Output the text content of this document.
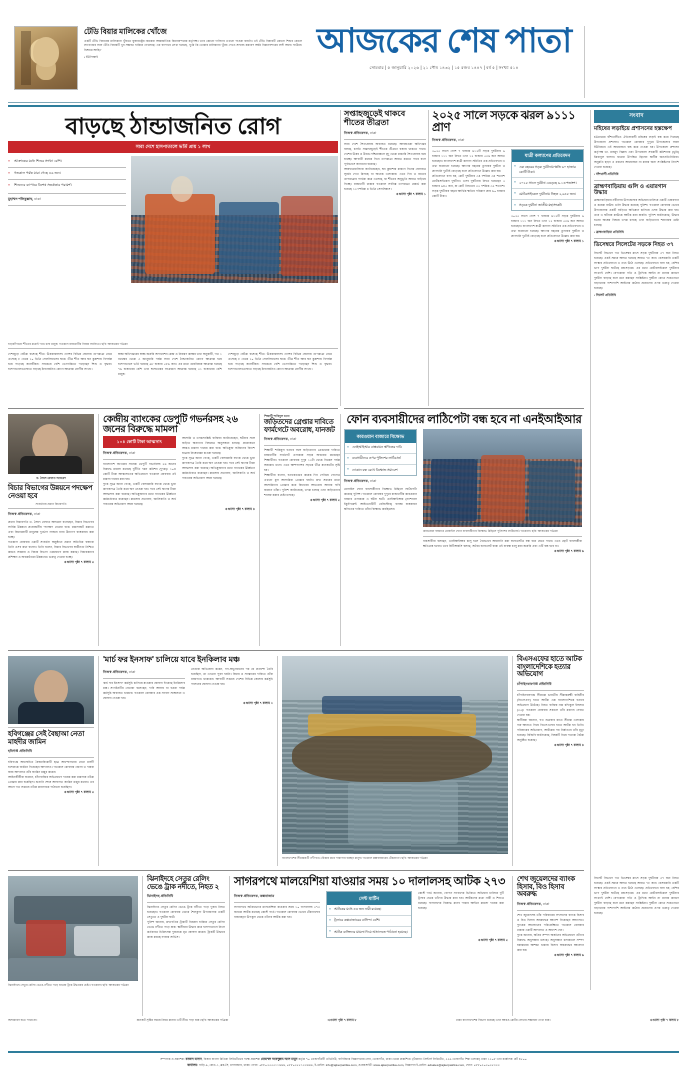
টেডি বিয়ার মালিকের খোঁজে
একটি টেডি বিয়ারের মালিকানা খুঁজতে যুক্তরাষ্ট্রের নামকরা আন্তর্জাতিক বিমানবন্দরের কর্তৃপক্ষ। তবে কোনো দাবিদার এখনো পাওয়া যায়নি। এই টেডি বিয়ারটি কোনো শিশুর কোলে লাগেজের সঙ্গে টেডি বিয়ারটি খুব সম্ভবত হারিয়ে ফেলেছে। এর ব্যাপারে লেখা হয়েছে, 'তুমি কি তোমার মালিকানা খুঁজে পেতে সাহায্য করবে? আমি বিমানবন্দরের লস্ট অ্যান্ড ফাউন্ডে বিশ্রামে আছি।'
• ইউপিআই	আজকের শেষ পাতা
সোমবার | ৫ জানুয়ারি ২০২৬ | ২১ পৌষ ১৪৩২ | ১৫ রজব ১৪৪৭ | বর্ষ ৫ | সংখ্যা ৫১৪
সংবাদ
মহিষের লড়াইয়ে প্রশাসনের হস্তক্ষেপ
চট্টগ্রামের বাঁশখালীতে ঐতিহ্যবাহী মহিষের লড়াই বন্ধ করে দিয়েছে উপজেলা প্রশাসন। গতকাল রোববার দুপুরে উপজেলার সরল ইউনিয়নে এই আয়োজন বন্ধ করে দেওয়া হয়। উপজেলা প্রশাসন কর্তৃপক্ষ ডা. মাহমুদ বিল্লাহ এবং উপজেলা সহকারী কমিশনার (ভূমি) ইমরানুল হাসান। যাওয়া উপস্থিত ছিলেন স্থানীয় জনপ্রতিনিধিরা। অনুমতি ছাড়া এ ধরনের আয়োজন না করার জন্য সংশ্লিষ্টদের নির্দেশ দেওয়া হয়েছে।
• বাঁশখালী প্রতিনিধি
ব্রাহ্মণবাড়িয়ায় গুলি ও এয়ারগান উদ্ধার
ব্রাহ্মণবাড়িয়ার নবীনগর উপজেলায় অভিযান চালিয়ে একটি এয়ারগান ও কয়েক রাউন্ড গুলি উদ্ধার করেছে পুলিশ। গতকাল রোববার ভোরে উপজেলার একটি বাড়িতে অভিযান চালিয়ে এসব উদ্ধার করা হয়। তবে এ ঘটনায় কাউকে আটক করা যায়নি। পুলিশ জানিয়েছে, উদ্ধার হওয়া অস্ত্রের বিষয়ে তদন্ত চলছে এবং জড়িতদের শনাক্তের চেষ্টা চলছে।
• ব্রাহ্মণবাড়িয়া প্রতিনিধি
ডিসেম্বরে সিলেটের সড়কে নিহত ৩৭
সিলেট বিভাগে গত ডিসেম্বর মাসে সড়ক দুর্ঘটনায় ৩৭ জন নিহত হয়েছে। একই সময়ে আহত হয়েছে আরও ৭৮ জন। বেসরকারি একটি সংস্থার প্রতিবেদনে এ তথ্য উঠে এসেছে। প্রতিবেদনে বলা হয়, বেশির ভাগ দুর্ঘটনা ঘটেছে মহাসড়কে। এর মধ্যে মোটরসাইকেল দুর্ঘটনার সংখ্যাই বেশি। বেপরোয়া গতি ও ট্রাফিক আইন না মানার কারণে দুর্ঘটনা বাড়ছে বলে মনে করছেন সংশ্লিষ্টরা। দুর্ঘটনা রোধে সচেতনতা বাড়ানোর পাশাপাশি আইনের কঠোর প্রয়োগের ওপর গুরুত্ব দেওয়া হয়েছে।
• সিলেট প্রতিনিধি
বাড়ছে ঠান্ডাজনিত রোগ
সারা দেশে হাসপাতালে ভর্তি প্রায় ১ লাখ
» আক্রান্তের মধ্যে শিশুর সংখ্যা বেশি।
» গতকাল পর্যন্ত মারা গেছে ৪৬ জন।
» শিশুদের ব্যাপারে বিশেষ সতর্কতার পরামর্শ।
মুহাম্মদ শফিকুল্লাহ, ঢাকা
হাড়কাঁপানো শীতের মধ্যেই পথে চলা মানুষ। গতকাল রাজধানীর বিজয় সরণিতে। ছবি: আজকের পত্রিকা
দেশজুড়ে জেঁকে বসেছে শীত। উত্তরাঞ্চলসহ দেশের বিভিন্ন জেলায় তাপমাত্রা নেমে এসেছে ৮ থেকে ১০ ডিগ্রি সেলসিয়াসের ঘরে। তীব্র শীত আর ঘন কুয়াশায় বিপর্যস্ত হয়ে পড়েছে জনজীবন। সবচেয়ে বেশি ভোগান্তিতে পড়েছেন শিশু ও বৃদ্ধরা। হাসপাতালগুলোতে বাড়ছে ঠান্ডাজনিত রোগে আক্রান্ত রোগীর সংখ্যা।
স্বাস্থ্য অধিদপ্তরের স্বাস্থ্য জরুরি অপারেশন কেন্দ্র ও নিয়ন্ত্রণ কক্ষের তথ্য অনুযায়ী, গত ১ নভেম্বর থেকে ৩ জানুয়ারি পর্যন্ত সারা দেশে ঠান্ডাজনিত রোগে আক্রান্ত হয়ে হাসপাতালে ভর্তি হয়েছে ৯৮ হাজার ৫৮৬ জন। এর মধ্যে ডায়রিয়ায় আক্রান্ত হয়েছে ৭৬ হাজারের বেশি এবং শ্বাসতন্ত্রের সংক্রমণে আক্রান্ত হয়েছে ২১ হাজারের বেশি মানুষ।
দেশজুড়ে জেঁকে বসেছে শীত। উত্তরাঞ্চলসহ দেশের বিভিন্ন জেলায় তাপমাত্রা নেমে এসেছে ৮ থেকে ১০ ডিগ্রি সেলসিয়াসের ঘরে। তীব্র শীত আর ঘন কুয়াশায় বিপর্যস্ত হয়ে পড়েছে জনজীবন। সবচেয়ে বেশি ভোগান্তিতে পড়েছেন শিশু ও বৃদ্ধরা। হাসপাতালগুলোতে বাড়ছে ঠান্ডাজনিত রোগে আক্রান্ত রোগীর সংখ্যা।
সপ্তাহজুড়েই থাকবে শীতের তীব্রতা
নিজস্ব প্রতিবেদক, ঢাকা
সারা দেশে শৈত্যপ্রবাহ অব্যাহত রয়েছে। আবহাওয়া অধিদপ্তর বলছে, চলতি সপ্তাহজুড়েই শীতের তীব্রতা বজায় থাকতে পারে। দেশের উত্তর ও উত্তর-পশ্চিমাঞ্চলে মৃদু থেকে মাঝারি শৈত্যপ্রবাহ বয়ে যাচ্ছে। আগামী কয়েক দিনে তাপমাত্রা আরও কমতে পারে বলে পূর্বাভাসে জানানো হয়েছে।
আবহাওয়াবিদরা জানিয়েছেন, ঘন কুয়াশার কারণে দিনের বেলায়ও সূর্যের দেখা মিলছে না অনেক এলাকায়। এতে দিন ও রাতের তাপমাত্রার পার্থক্য কমে এসেছে, যা শীতের অনুভূতি আরও বাড়িয়ে দিচ্ছে। রাজধানী ঢাকায় গতকাল সর্বনিম্ন তাপমাত্রা রেকর্ড করা হয়েছে ১৩ দশমিক ৪ ডিগ্রি সেলসিয়াস।
এগুলো পৃষ্ঠা ৭ কলাম ১
২০২৫ সালে সড়কে ঝরল ৯১১১ প্রাণ
নিজস্ব প্রতিবেদক, ঢাকা
২০২৫ সালে দেশে ৭ হাজার ৬১২টি সড়ক দুর্ঘটনায় ৯ হাজার ১১১ জন নিহত এবং ১২ হাজার ৫৩৬ জন আহত হয়েছেন। বাংলাদেশ যাত্রী কল্যাণ সমিতির এক প্রতিবেদনে এ তথ্য জানানো হয়েছে। আগের বছরের তুলনায় দুর্ঘটনা ও প্রাণহানি দুটোই বেড়েছে বলে প্রতিবেদনে উল্লেখ করা হয়।
প্রতিবেদনে বলা হয়, মোট দুর্ঘটনার ৩৪ দশমিক ৩৪ শতাংশ মোটরসাইকেল দুর্ঘটনা। এসব দুর্ঘটনায় নিহত হয়েছেন ২ হাজার ৯৪৫ জন, যা মোট নিহতের ৩২ দশমিক ৩২ শতাংশ। সড়ক দুর্ঘটনায় বছরে আর্থিক ক্ষতির পরিমাণ প্রায় ৬০ হাজার কোটি টাকা।
যাত্রী কল্যাণের প্রতিবেদন
» এক বছরের সড়ক দুর্ঘটনায় ক্ষতি ৬০ হাজার কোটি টাকা।
» ২০২৫ সালে দুর্ঘটনা বেড়েছে ৬.১৩ শতাংশ।
» মোটরসাইকেল দুর্ঘটনায় নিহত ২,৯৪৫ জন।
» সড়কে দুর্ঘটনা জাতীয় মহাসংকট।
২০২৫ সালে দেশে ৭ হাজার ৬১২টি সড়ক দুর্ঘটনায় ৯ হাজার ১১১ জন নিহত এবং ১২ হাজার ৫৩৬ জন আহত হয়েছেন। বাংলাদেশ যাত্রী কল্যাণ সমিতির এক প্রতিবেদনে এ তথ্য জানানো হয়েছে। আগের বছরের তুলনায় দুর্ঘটনা ও প্রাণহানি দুটোই বেড়েছে বলে প্রতিবেদনে উল্লেখ করা হয়।
এগুলো পৃষ্ঠা ৭ কলাম ১
ড. সৈয়দ রেফাত আহমেদ
বিচার বিভাগের উন্নয়নে পদক্ষেপ নেওয়া হবে
সংবর্ধনায় প্রধান বিচারপতি
নিজস্ব প্রতিবেদক, ঢাকা
প্রধান বিচারপতি ড. সৈয়দ রেফাত আহমেদ বলেছেন, বিচার বিভাগের সার্বিক উন্নয়নে প্রয়োজনীয় পদক্ষেপ নেওয়া হবে। মামলাজট কমাতে এবং বিচারপ্রার্থী মানুষের দুর্ভোগ লাঘবে নানা উদ্যোগ বাস্তবায়ন করা হচ্ছে।
গতকাল রোববার একটি সংবর্ধনা অনুষ্ঠানে প্রধান অতিথির বক্তব্যে তিনি এসব কথা বলেন। তিনি বলেন, বিচার বিভাগের স্বাধীনতা নিশ্চিত করতে সরকার ও বিচার বিভাগ একযোগে কাজ করছে। বিচারকদের প্রশিক্ষণ ও অবকাঠামো উন্নয়নেও গুরুত্ব দেওয়া হচ্ছে।
এগুলো পৃষ্ঠা ৭ কলাম ৩
কেন্দ্রীয় ব্যাংকের ডেপুটি গভর্নরসহ ২৬ জনের বিরুদ্ধে মামলা
১০৪ কোটি টাকা আত্মসাৎ
নিজস্ব প্রতিবেদক, ঢাকা
বাংলাদেশ ব্যাংকের সাবেক ডেপুটি গভর্নরসহ ২৬ জনের বিরুদ্ধে মামলা করেছে দুর্নীতি দমন কমিশন (দুদক)। ১০৪ কোটি টাকা আত্মসাতের অভিযোগে গতকাল রোববার এই মামলা দায়ের করা হয়।
দুদক সূত্রে জানা গেছে, একটি বেসরকারি ব্যাংক থেকে ভুয়া কাগজপত্র তৈরি করে ঋণ নেওয়া হয়। পরে সেই ঋণের টাকা আত্মসাৎ করা হয়েছে। অভিযুক্তদের মধ্যে ব্যাংকের ঊর্ধ্বতন কর্মকর্তারাও রয়েছেন। মামলায় প্রতারণা, জালিয়াতি ও অর্থ পাচারের অভিযোগ আনা হয়েছে।
আসামি ও তদন্তসংশ্লিষ্ট ব্যক্তিরা জানিয়েছেন, ঘটনার সঙ্গে জড়িত অন্যদের বিষয়েও অনুসন্ধান চলছে। প্রয়োজনে আরও মামলা দায়ের করা হবে। অভিযুক্ত ব্যক্তিদের বিদেশ যাত্রায় নিষেধাজ্ঞা চাওয়া হয়েছে।
দুদক সূত্রে জানা গেছে, একটি বেসরকারি ব্যাংক থেকে ভুয়া কাগজপত্র তৈরি করে ঋণ নেওয়া হয়। পরে সেই ঋণের টাকা আত্মসাৎ করা হয়েছে। অভিযুক্তদের মধ্যে ব্যাংকের ঊর্ধ্বতন কর্মকর্তারাও রয়েছেন। মামলায় প্রতারণা, জালিয়াতি ও অর্থ পাচারের অভিযোগ আনা হয়েছে।
এগুলো পৃষ্ঠা ৭ কলাম ৪
শিক্ষার্থী শাকিবুল হত্যা
জড়িতদের গ্রেপ্তার দাবিতে ফার্মগেটে অবরোধ, যানজট
নিজস্ব প্রতিবেদক, ঢাকা
শিক্ষার্থী শাকিবুল হত্যার সঙ্গে জড়িতদের গ্রেপ্তারের দাবিতে রাজধানীর ফার্মগেট এলাকায় সড়ক অবরোধ করেছেন শিক্ষার্থীরা। গতকাল রোববার দুপুর ১২টা থেকে বিকেল পর্যন্ত অবরোধ চলে। এতে আশপাশের সড়কে তীব্র যানজটের সৃষ্টি হয়।
শিক্ষার্থীরা বলেন, হত্যাকাণ্ডের কয়েক দিন পেরিয়ে গেলেও এখনো মূল আসামিরা গ্রেপ্তার হয়নি। দ্রুত সময়ের মধ্যে আসামিদের গ্রেপ্তার করে বিচারের আওতায় আনার দাবি জানান তাঁরা। পুলিশ জানিয়েছে, তদন্ত চলছে এবং জড়িতদের শনাক্ত করার চেষ্টা চলছে।
এগুলো পৃষ্ঠা ৭ কলাম ৫
ফোন ব্যবসায়ীদের লাঠিপেটা বন্ধ হবে না এনইআইআর
কারওয়ান বাজারে বিক্ষোভ
» এনইআইআর বাস্তবায়ন স্থগিতের দাবি
» ব্যবসায়ীদের ওপর পুলিশের লাঠিচার্জ
» দোকান বন্ধ রেখে বিক্ষোভ সমাবেশ
নিজস্ব প্রতিবেদক, ঢাকা
মোবাইল ফোন ব্যবসায়ীদের বিক্ষোভ মিছিলে লাঠিপেটা করেছে পুলিশ। গতকাল রোববার দুপুরে রাজধানীর কারওয়ান বাজার এলাকায় এ ঘটনা ঘটে। এনইআইআর (ন্যাশনাল ইকুইপমেন্ট আইডেনটিটি রেজিস্টার) ব্যবস্থা বাস্তবায়ন স্থগিতের দাবিতে তাঁরা বিক্ষোভ করছিলেন।
কারওয়ান বাজারে মোবাইল ফোন ব্যবসায়ীদের বিক্ষোভ মিছিলে পুলিশের লাঠিচার্জ। গতকাল। ছবি: আজকের পত্রিকা
ব্যবসায়ীরা বলছেন, এনইআইআর চালু হলে বৈধভাবে আমদানি করা হ্যান্ডসেটও বন্ধ হয়ে যেতে পারে। এতে ছোট ব্যবসায়ীরা ক্ষতিগ্রস্ত হবেন। তবে বিটিআরসি বলছে, অবৈধ হ্যান্ডসেট বন্ধে এই ব্যবস্থা চালু করা জরুরি এবং এটি বন্ধ হবে না।
এগুলো পৃষ্ঠা ৭ কলাম ৬
হবিগঞ্জের সেই বৈছাআ নেতা মাহদীর জামিন
হবিগঞ্জ প্রতিনিধি
হবিগঞ্জে আলোচিত বৈষম্যবিরোধী ছাত্র আন্দোলনের নেতা মাহদী হাসানকে জামিন দিয়েছেন আদালত। গতকাল রোববার জেলা ও দায়রা জজ আদালত তাঁর জামিন মঞ্জুর করেন।
আইনজীবীরা জানান, চাঁদাবাজির অভিযোগে দায়ের করা মামলায় তাঁকে গ্রেপ্তার করা হয়েছিল। শুনানি শেষে আদালত জামিন মঞ্জুর করেন। এর আগে গত সপ্তাহে তাঁকে কারাগারে পাঠানো হয়েছিল।
এগুলো পৃষ্ঠা ৭ কলাম ৩
'মার্চ ফর ইনসাফ' চালিয়ে যাবে ইনকিলাব মঞ্চ
নিজস্ব প্রতিবেদক, ঢাকা
'মার্চ ফর ইনসাফ' কর্মসূচি চালিয়ে যাওয়ার ঘোষণা দিয়েছে ইনকিলাব মঞ্চ। সংগঠনটির নেতারা বলেছেন, দাবি আদায় না হওয়া পর্যন্ত কর্মসূচি অব্যাহত থাকবে। গতকাল রোববার এক সংবাদ সম্মেলনে এ ঘোষণা দেওয়া হয়।
নেতারা অভিযোগ করেন, গণ-অভ্যুত্থানের পর যে প্রত্যাশা তৈরি হয়েছিল, তা এখনো পূরণ হয়নি। বিচার ও সংস্কারের দাবিতে তাঁরা রাজপথে থাকবেন। আগামী সপ্তাহে দেশের বিভিন্ন জেলায় কর্মসূচি পালনের ঘোষণা দেওয়া হয়।
এগুলো পৃষ্ঠা ৭ কলাম ২
বাংলাদেশের সীমান্তবর্তী নদীপথে নৌকায় করে পারাপার হচ্ছেন মানুষ। গতকাল কক্সবাজারের টেকনাফে। ছবি: আজকের পত্রিকা
বিএসএফের হাতে আটক বাংলাদেশিকে হত্যার অভিযোগ
চাঁপাইনবাবগঞ্জ প্রতিনিধি
চাঁপাইনবাবগঞ্জ সীমান্তে ভারতীয় সীমান্তরক্ষী বাহিনীর (বিএসএফ) হাতে আটক এক বাংলাদেশিকে হত্যার অভিযোগ উঠেছে। নিহত ব্যক্তির নাম রফিকুল ইসলাম (৩৫)। গতকাল রোববার সকালে তাঁর মরদেহ ফেরত দেওয়া হয়।
স্থানীয়রা জানান, গত শুক্রবার রাতে সীমান্ত এলাকায় গরু আনতে গিয়ে বিএসএফের হাতে আটক হন তিনি। পরিবারের অভিযোগ, আটকের পর নির্যাতনে তাঁর মৃত্যু হয়েছে। বিজিবি জানিয়েছে, বিষয়টি নিয়ে পতাকা বৈঠক অনুষ্ঠিত হয়েছে।
এগুলো পৃষ্ঠা ৭ কলাম ৪
ঝিনাইদহে সেতুর রেলিং ভেঙে নদীতে পড়ে যাওয়া ট্রাক উদ্ধারের চেষ্টা। গতকাল। ছবি: আজকের পত্রিকা
ঝিনাইদহে সেতুর রেলিং ভেঙে ট্রাক নদীতে, নিহত ২
ঝিনাইদহ প্রতিনিধি
ঝিনাইদহে সেতুর রেলিং ভেঙে ট্রাক নদীতে পড়ে দুজন নিহত হয়েছেন। গতকাল রোববার ভোরে শৈলকুপা উপজেলার একটি সেতুতে এ দুর্ঘটনা ঘটে।
পুলিশ জানায়, দ্রুতগতির ট্রাকটি নিয়ন্ত্রণ হারিয়ে সেতুর রেলিং ভেঙে নদীতে পড়ে যায়। স্থানীয়রা উদ্ধার করে হাসপাতালে নিলে কর্তব্যরত চিকিৎসক দুজনকে মৃত ঘোষণা করেন। ট্রাকটি উদ্ধারে কাজ করছে ফায়ার সার্ভিস।
সাগরপথে মালয়েশিয়া যাওয়ার সময় ১০ দালালসহ আটক ২৭৩
নিজস্ব প্রতিবেদক, কক্সবাজার
সাগরপথে অবৈধভাবে মালয়েশিয়া যাওয়ার সময় ১০ দালালসহ ২৭৩ জনকে আটক করেছে কোস্ট গার্ড। গতকাল রোববার ভোরে টেকনাফের বাহারছড়া উপকূল থেকে তাঁদের আটক করা হয়।
সেন্ট মার্টিন
» আটকের মধ্যে ৪৩ জন নারী রয়েছে।
» ট্রলারে কক্সবাজারের বাসিন্দা বেশি।
» আটক ব্যক্তিদের মামলা দিয়ে আদালতে পাঠানো হয়েছে।
কোস্ট গার্ড জানায়, গোপন সংবাদের ভিত্তিতে অভিযান চালিয়ে দুটি ট্রলার থেকে তাঁদের উদ্ধার করা হয়। আটকদের মধ্যে নারী ও শিশুও রয়েছে। দালালদের বিরুদ্ধে মানব পাচার আইনে মামলা দায়ের করা হয়েছে।
এগুলো পৃষ্ঠা ৭ কলাম ৫
শেখ জুয়েলদের ব্যাংক হিসাব, বিও হিসাব অবরুদ্ধ
নিজস্ব প্রতিবেদক, ঢাকা
শেখ জুয়েলসহ তাঁর পরিবারের সদস্যদের ব্যাংক হিসাব ও বিও হিসাব অবরুদ্ধের আদেশ দিয়েছেন আদালত। দুদকের আবেদনের পরিপ্রেক্ষিতে গতকাল রোববার ঢাকার একটি আদালত এ আদেশ দেন।
দুদক জানায়, অবৈধ সম্পদ অর্জনের অভিযোগে তাঁদের বিরুদ্ধে অনুসন্ধান চলছে। অনুসন্ধান চলাকালে সম্পদ হস্তান্তরের আশঙ্কা থাকায় হিসাব অবরুদ্ধের আবেদন করা হয়।
এগুলো পৃষ্ঠা ৭ কলাম ৬
সিলেট বিভাগে গত ডিসেম্বর মাসে সড়ক দুর্ঘটনায় ৩৭ জন নিহত হয়েছে। একই সময়ে আহত হয়েছে আরও ৭৮ জন। বেসরকারি একটি সংস্থার প্রতিবেদনে এ তথ্য উঠে এসেছে। প্রতিবেদনে বলা হয়, বেশির ভাগ দুর্ঘটনা ঘটেছে মহাসড়কে। এর মধ্যে মোটরসাইকেল দুর্ঘটনার সংখ্যাই বেশি। বেপরোয়া গতি ও ট্রাফিক আইন না মানার কারণে দুর্ঘটনা বাড়ছে বলে মনে করছেন সংশ্লিষ্টরা। দুর্ঘটনা রোধে সচেতনতা বাড়ানোর পাশাপাশি আইনের কঠোর প্রয়োগের ওপর গুরুত্ব দেওয়া হয়েছে।
অসাধারণ হতে পারে না।	যানজট সৃষ্টির সময়ে নিয়ম মানার এটি নীচে পড়া যায়। ছবি: আজকের পত্রিকা	এগুলো পৃষ্ঠা ৭ কলাম ৮	ঢাকা বাংলাদেশের বিভাগ রয়েছে এবং আরও মোটর লেখার সম্ভাবনা দেখা যায়।	এগুলো পৃষ্ঠা ৭ কলাম ৮
সম্পাদক ও প্রকাশক: কাজল হাসান, বিজন বাংলা মিডিয়া লিমিটেডের পক্ষে প্রকাশক মোহাম্মদ আবদুল্লাহ আল মামুন কর্তৃক ৭০ তেজগাঁওয়ী এভিনিউ, বাণিজ্যিক বিজ্ঞাপনের লেন, তেজগাঁও, ঢাকা থেকে প্রকাশিত। (ঠিকানা: প্রিন্টার্স লিমিটেড, ২২৯ তেজগাঁও শিল্প এলাকা) ঢাকা ১২০৮ এনা কার্যালয়: প্লট ৪৫০০
কার্যালয়: বাড়ি-৯, রোড-১, ব্লক-সি, মগবাজার, ঢাকা। ফোন: +৮৮০২৫৫৫১১৬৬৬, +৮৮০২৫৫১২২৬৬৬, ই-মেইল: info@ajkerpatrika.com, ওয়েবসাইট: www.ajkerpatrika.com, বিজ্ঞাপন ই-মেইল: adsales@ajkerpatrika.com, ফোন: +৮৮০২০২০২৫৩২২
